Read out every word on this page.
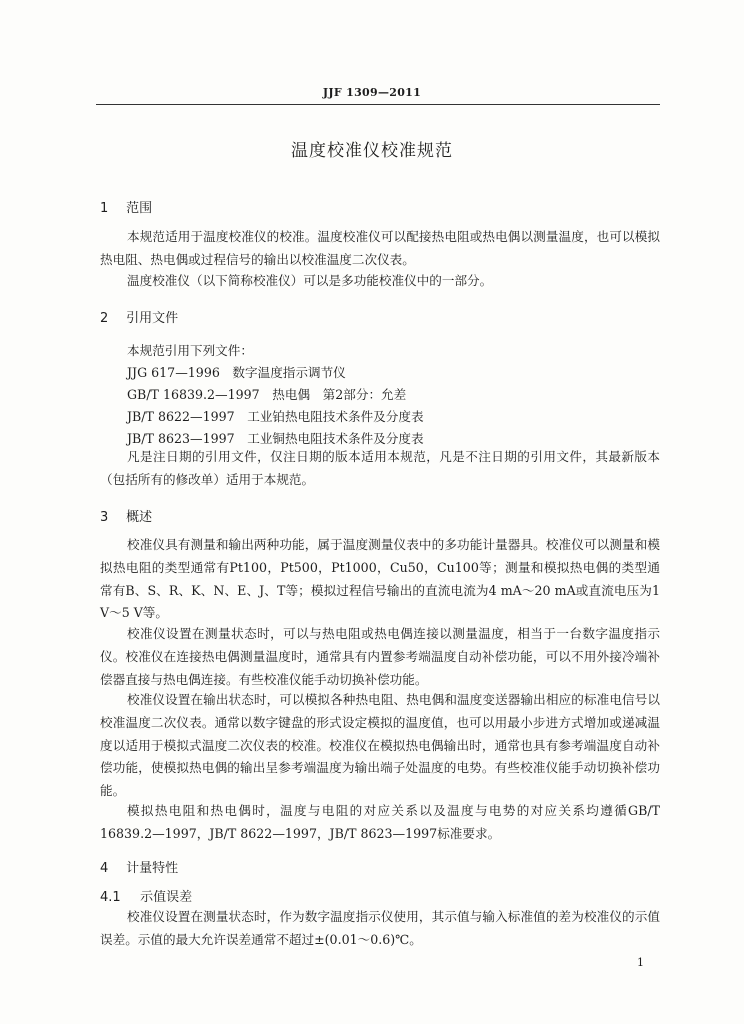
JJF 1309—2011
温度校准仪校准规范
1 范围

本规范适用于温度校准仪的校准。温度校准仪可以配接热电阻或热电偶以测量温度，也可以模拟热电阻、热电偶或过程信号的输出以校准温度二次仪表。

温度校准仪（以下简称校准仪）可以是多功能校准仪中的一部分。

2 引用文件
本规范引用下列文件：
JJG 617—1996　数字温度指示调节仪
GB/T 16839.2—1997　热电偶　第2部分：允差
JB/T 8622—1997　工业铂热电阻技术条件及分度表
JB/T 8623—1997　工业铜热电阻技术条件及分度表

凡是注日期的引用文件，仅注日期的版本适用本规范，凡是不注日期的引用文件，其最新版本（包括所有的修改单）适用于本规范。

3 概述

校准仪具有测量和输出两种功能，属于温度测量仪表中的多功能计量器具。校准仪可以测量和模拟热电阻的类型通常有Pt100，Pt500，Pt1000，Cu50，Cu100等；测量和模拟热电偶的类型通常有B、S、R、K、N、E、J、T等；模拟过程信号输出的直流电流为4 mA～20 mA或直流电压为1 V～5 V等。

校准仪设置在测量状态时，可以与热电阻或热电偶连接以测量温度，相当于一台数字温度指示仪。校准仪在连接热电偶测量温度时，通常具有内置参考端温度自动补偿功能，可以不用外接冷端补偿器直接与热电偶连接。有些校准仪能手动切换补偿功能。

校准仪设置在输出状态时，可以模拟各种热电阻、热电偶和温度变送器输出相应的标准电信号以校准温度二次仪表。通常以数字键盘的形式设定模拟的温度值，也可以用最小步进方式增加或递减温度以适用于模拟式温度二次仪表的校准。校准仪在模拟热电偶输出时，通常也具有参考端温度自动补偿功能，使模拟热电偶的输出呈参考端温度为输出端子处温度的电势。有些校准仪能手动切换补偿功能。

模拟热电阻和热电偶时，温度与电阻的对应关系以及温度与电势的对应关系均遵循GB/T 16839.2—1997，JB/T 8622—1997，JB/T 8623—1997标准要求。

4 计量特性
4.1 示值误差

校准仪设置在测量状态时，作为数字温度指示仪使用，其示值与输入标准值的差为校准仪的示值误差。示值的最大允许误差通常不超过±(0.01～0.6)℃。

1
